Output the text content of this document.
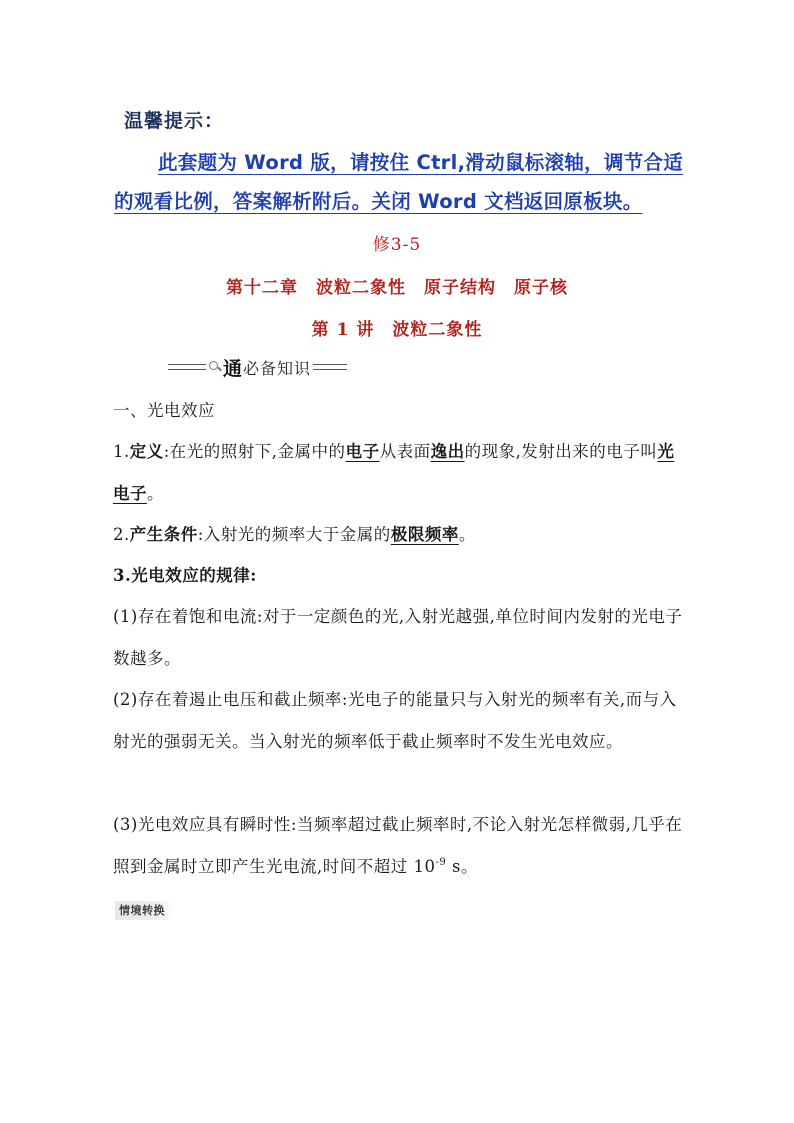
温馨提示：
此套题为 Word 版，请按住 Ctrl,滑动鼠标滚轴，调节合适的观看比例，答案解析附后。关闭 Word 文档返回原板块。
修3-5
第十二章 波粒二象性 原子结构 原子核
第 1 讲　波粒二象性
通 必备知识
一、光电效应
1.定义:在光的照射下,金属中的电子从表面逸出的现象,发射出来的电子叫光电子。
2.产生条件:入射光的频率大于金属的极限频率。
3.光电效应的规律:
(1)存在着饱和电流:对于一定颜色的光,入射光越强,单位时间内发射的光电子数越多。
(2)存在着遏止电压和截止频率:光电子的能量只与入射光的频率有关,而与入射光的强弱无关。当入射光的频率低于截止频率时不发生光电效应。
(3)光电效应具有瞬时性:当频率超过截止频率时,不论入射光怎样微弱,几乎在照到金属时立即产生光电流,时间不超过 $10^{-9}$ s。
情境转换
